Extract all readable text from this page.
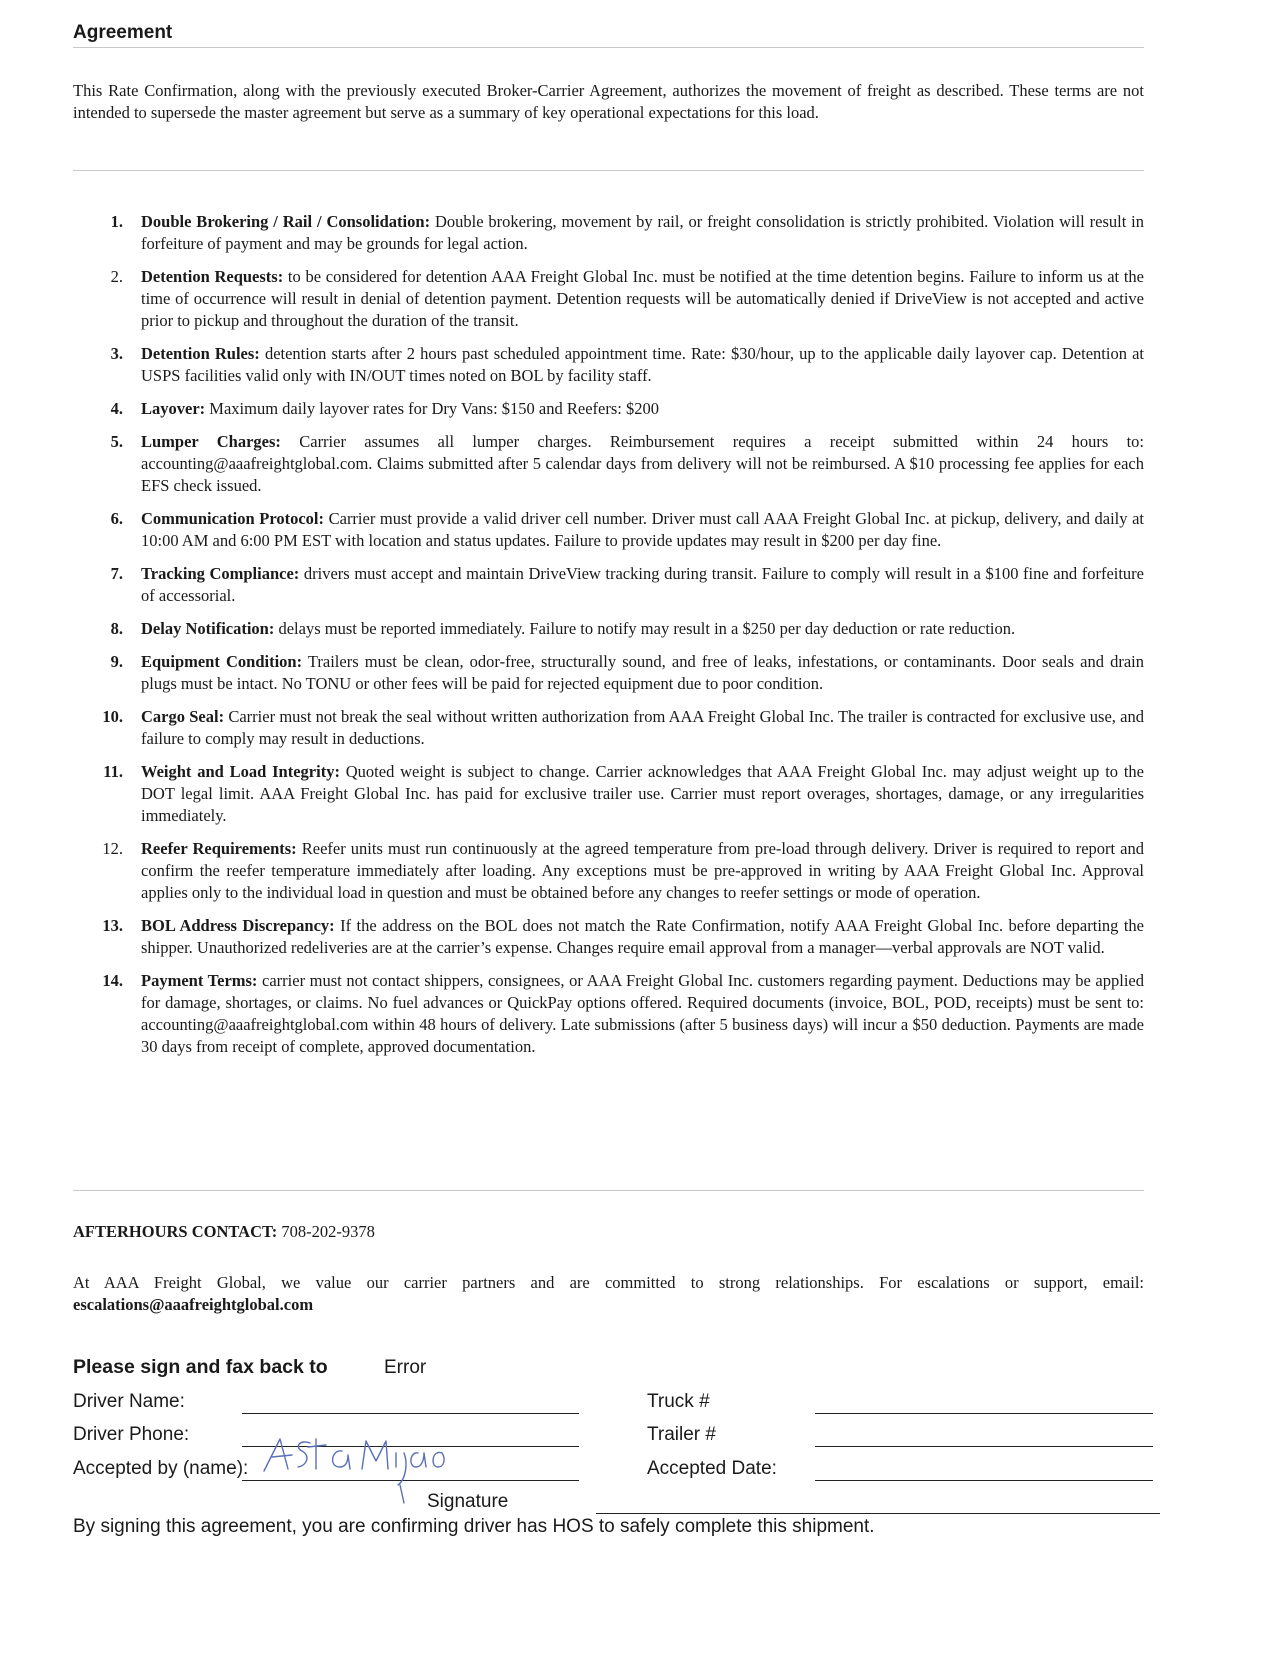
Agreement
This Rate Confirmation, along with the previously executed Broker-Carrier Agreement, authorizes the movement of freight as described. These terms are not intended to supersede the master agreement but serve as a summary of key operational expectations for this load.
1. Double Brokering / Rail / Consolidation: Double brokering, movement by rail, or freight consolidation is strictly prohibited. Violation will result in forfeiture of payment and may be grounds for legal action.
2. Detention Requests: to be considered for detention AAA Freight Global Inc. must be notified at the time detention begins. Failure to inform us at the time of occurrence will result in denial of detention payment. Detention requests will be automatically denied if DriveView is not accepted and active prior to pickup and throughout the duration of the transit.
3. Detention Rules: detention starts after 2 hours past scheduled appointment time. Rate: $30/hour, up to the applicable daily layover cap. Detention at USPS facilities valid only with IN/OUT times noted on BOL by facility staff.
4. Layover: Maximum daily layover rates for Dry Vans: $150 and Reefers: $200
5. Lumper Charges: Carrier assumes all lumper charges. Reimbursement requires a receipt submitted within 24 hours to: accounting@aaafreightglobal.com. Claims submitted after 5 calendar days from delivery will not be reimbursed. A $10 processing fee applies for each EFS check issued.
6. Communication Protocol: Carrier must provide a valid driver cell number. Driver must call AAA Freight Global Inc. at pickup, delivery, and daily at 10:00 AM and 6:00 PM EST with location and status updates. Failure to provide updates may result in $200 per day fine.
7. Tracking Compliance: drivers must accept and maintain DriveView tracking during transit. Failure to comply will result in a $100 fine and forfeiture of accessorial.
8. Delay Notification: delays must be reported immediately. Failure to notify may result in a $250 per day deduction or rate reduction.
9. Equipment Condition: Trailers must be clean, odor-free, structurally sound, and free of leaks, infestations, or contaminants. Door seals and drain plugs must be intact. No TONU or other fees will be paid for rejected equipment due to poor condition.
10. Cargo Seal: Carrier must not break the seal without written authorization from AAA Freight Global Inc. The trailer is contracted for exclusive use, and failure to comply may result in deductions.
11. Weight and Load Integrity: Quoted weight is subject to change. Carrier acknowledges that AAA Freight Global Inc. may adjust weight up to the DOT legal limit. AAA Freight Global Inc. has paid for exclusive trailer use. Carrier must report overages, shortages, damage, or any irregularities immediately.
12. Reefer Requirements: Reefer units must run continuously at the agreed temperature from pre-load through delivery. Driver is required to report and confirm the reefer temperature immediately after loading. Any exceptions must be pre-approved in writing by AAA Freight Global Inc. Approval applies only to the individual load in question and must be obtained before any changes to reefer settings or mode of operation.
13. BOL Address Discrepancy: If the address on the BOL does not match the Rate Confirmation, notify AAA Freight Global Inc. before departing the shipper. Unauthorized redeliveries are at the carrier’s expense. Changes require email approval from a manager—verbal approvals are NOT valid.
14. Payment Terms: carrier must not contact shippers, consignees, or AAA Freight Global Inc. customers regarding payment. Deductions may be applied for damage, shortages, or claims. No fuel advances or QuickPay options offered. Required documents (invoice, BOL, POD, receipts) must be sent to: accounting@aaafreightglobal.com within 48 hours of delivery. Late submissions (after 5 business days) will incur a $50 deduction. Payments are made 30 days from receipt of complete, approved documentation.
AFTERHOURS CONTACT: 708-202-9378
At AAA Freight Global, we value our carrier partners and are committed to strong relationships. For escalations or support, email: escalations@aaafreightglobal.com
Please sign and fax back to	Error
Driver Name:
Driver Phone:
Accepted by (name):
Truck #
Trailer #
Accepted Date:
Signature
By signing this agreement, you are confirming driver has HOS to safely complete this shipment.
